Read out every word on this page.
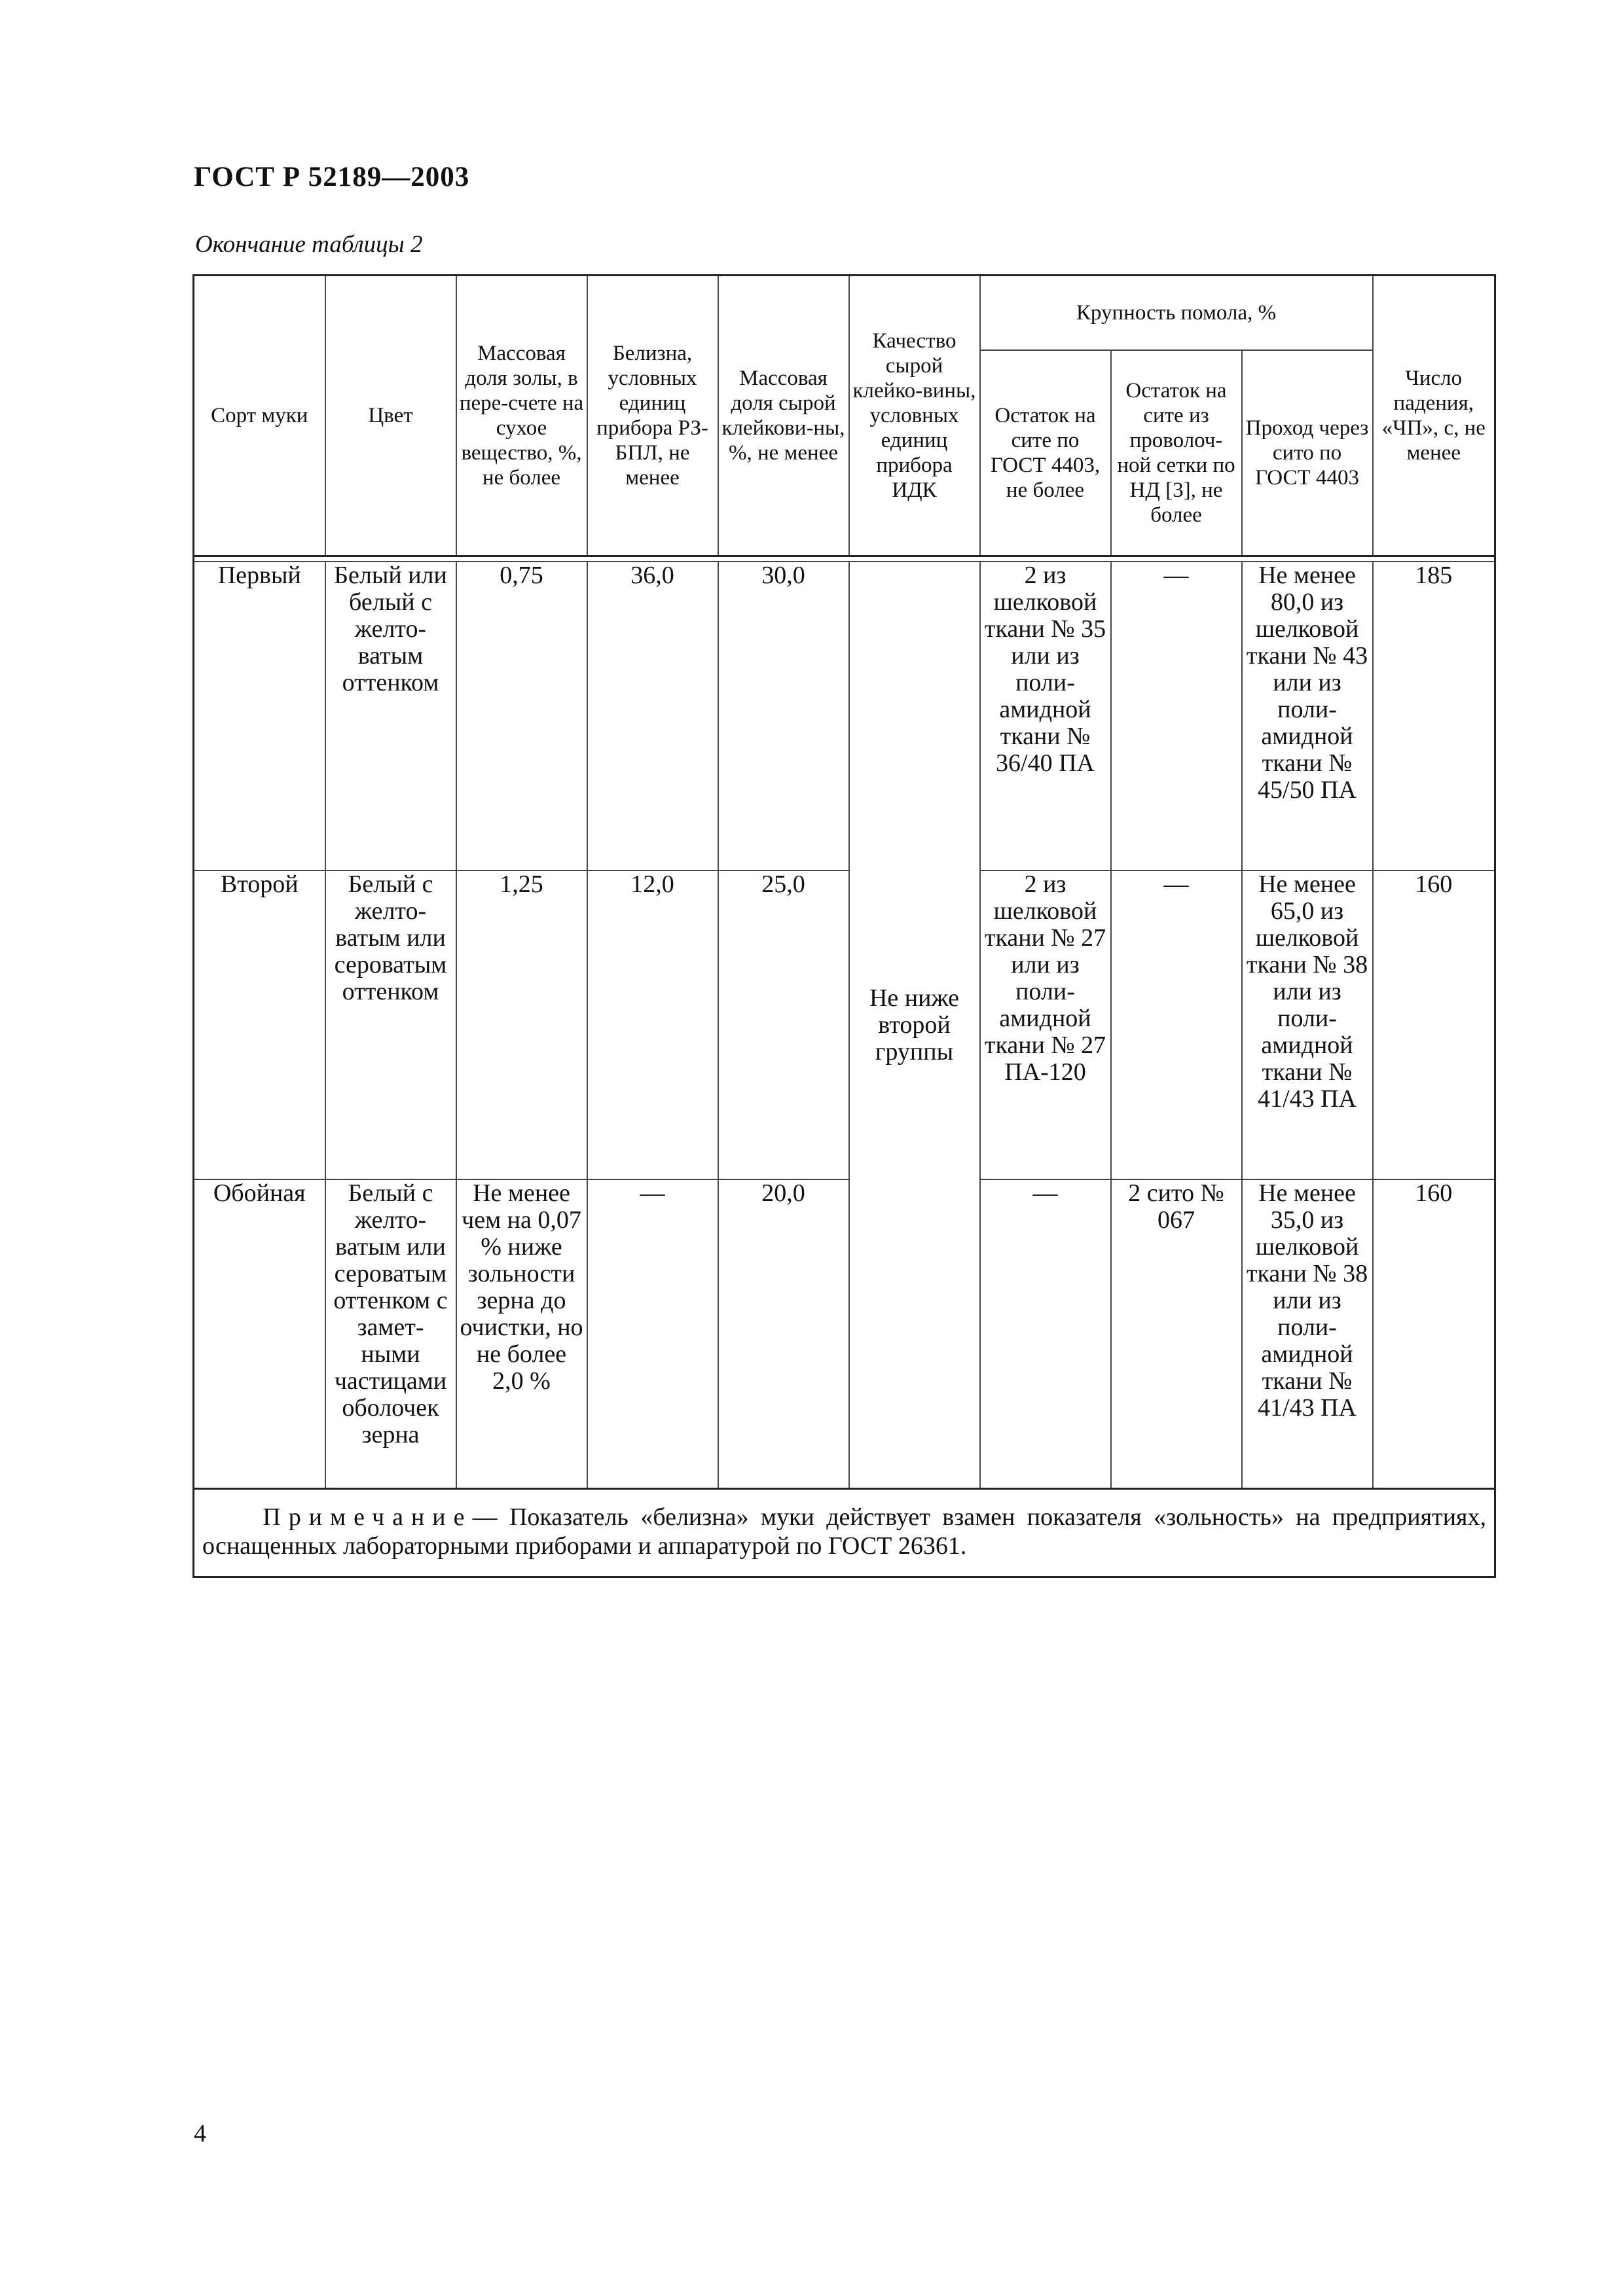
ГОСТ Р 52189—2003
Окончание таблицы 2
Сорт муки	Цвет	Массовая доля золы, в пере-счете на сухое вещество, %, не более	Белизна, условных единиц прибора РЗ-БПЛ, не менее	Массовая доля сырой клейкови-ны, %, не менее	Качество сырой клейко-вины, условных единиц прибора ИДК	Крупность помола, %			Число падения, «ЧП», с, не менее
						Остаток на сите по ГОСТ 4403, не более	Остаток на сите из проволоч-ной сетки по НД [3], не более	Проход через сито по ГОСТ 4403	

Первый	Белый или белый с желто-ватым оттенком	0,75	36,0	30,0	Не ниже второй группы	2 из шелковой ткани № 35 или из поли-амидной ткани № 36/40 ПА	—	Не менее 80,0 из шелковой ткани № 43 или из поли-амидной ткани № 45/50 ПА	185
Второй	Белый с желто-ватым или сероватым оттенком	1,25	12,0	25,0		2 из шелковой ткани № 27 или из поли-амидной ткани № 27 ПА-120	—	Не менее 65,0 из шелковой ткани № 38 или из поли-амидной ткани № 41/43 ПА	160
Обойная	Белый с желто-ватым или сероватым оттенком с замет-ными частицами оболочек зерна	Не менее чем на 0,07 % ниже зольности зерна до очистки, но не более 2,0 %	—	20,0		—	2 сито № 067	Не менее 35,0 из шелковой ткани № 38 или из поли-амидной ткани № 41/43 ПА	160
Примечание— Показатель «белизна» муки действует взамен показателя «зольность» на предприятиях, оснащенных лабораторными приборами и аппаратурой по ГОСТ 26361.									
4
